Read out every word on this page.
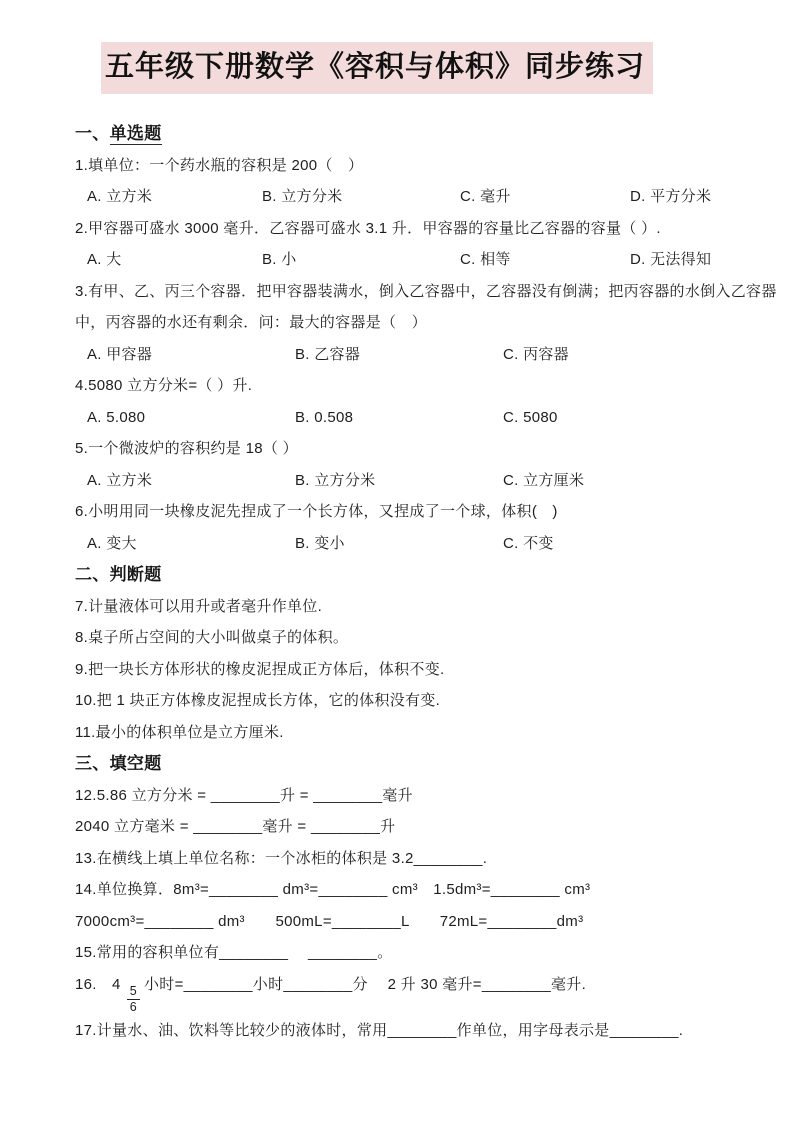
五年级下册数学《容积与体积》同步练习

一、单选题

1.填单位：一个药水瓶的容积是 200（　）

A. 立方米	B. 立方分米	C. 毫升	D. 平方分米

2.甲容器可盛水 3000 毫升．乙容器可盛水 3.1 升．甲容器的容量比乙容器的容量（ ）.

A. 大	B. 小	C. 相等	D. 无法得知

3.有甲、乙、丙三个容器．把甲容器装满水，倒入乙容器中，乙容器没有倒满；把丙容器的水倒入乙容器

中，丙容器的水还有剩余．问：最大的容器是（　）

A. 甲容器	B. 乙容器	C. 丙容器

4.5080 立方分米=（ ）升.

A. 5.080	B. 0.508	C. 5080

5.一个微波炉的容积约是 18（ ）

A. 立方米	B. 立方分米	C. 立方厘米

6.小明用同一块橡皮泥先捏成了一个长方体，又捏成了一个球，体积(　)

A. 变大	B. 变小	C. 不变

二、判断题

7.计量液体可以用升或者毫升作单位.

8.桌子所占空间的大小叫做桌子的体积。

9.把一块长方体形状的橡皮泥捏成正方体后，体积不变.

10.把 1 块正方体橡皮泥捏成长方体，它的体积没有变.

11.最小的体积单位是立方厘米.

三、填空题

12.5.86 立方分米 = ________升 = ________毫升

2040 立方毫米 = ________毫升 = ________升

13.在横线上填上单位名称：一个冰柜的体积是 3.2________.

14.单位换算．8m³=________ dm³=________ cm³　1.5dm³=________ cm³

7000cm³=________ dm³　　500mL=________L　　72mL=________dm³

15.常用的容积单位有________　 ________。

16.　4
$\frac{5}{6}$
小时=________小时________分　 2 升 30 毫升=________毫升.

17.计量水、油、饮料等比较少的液体时，常用________作单位，用字母表示是________.
